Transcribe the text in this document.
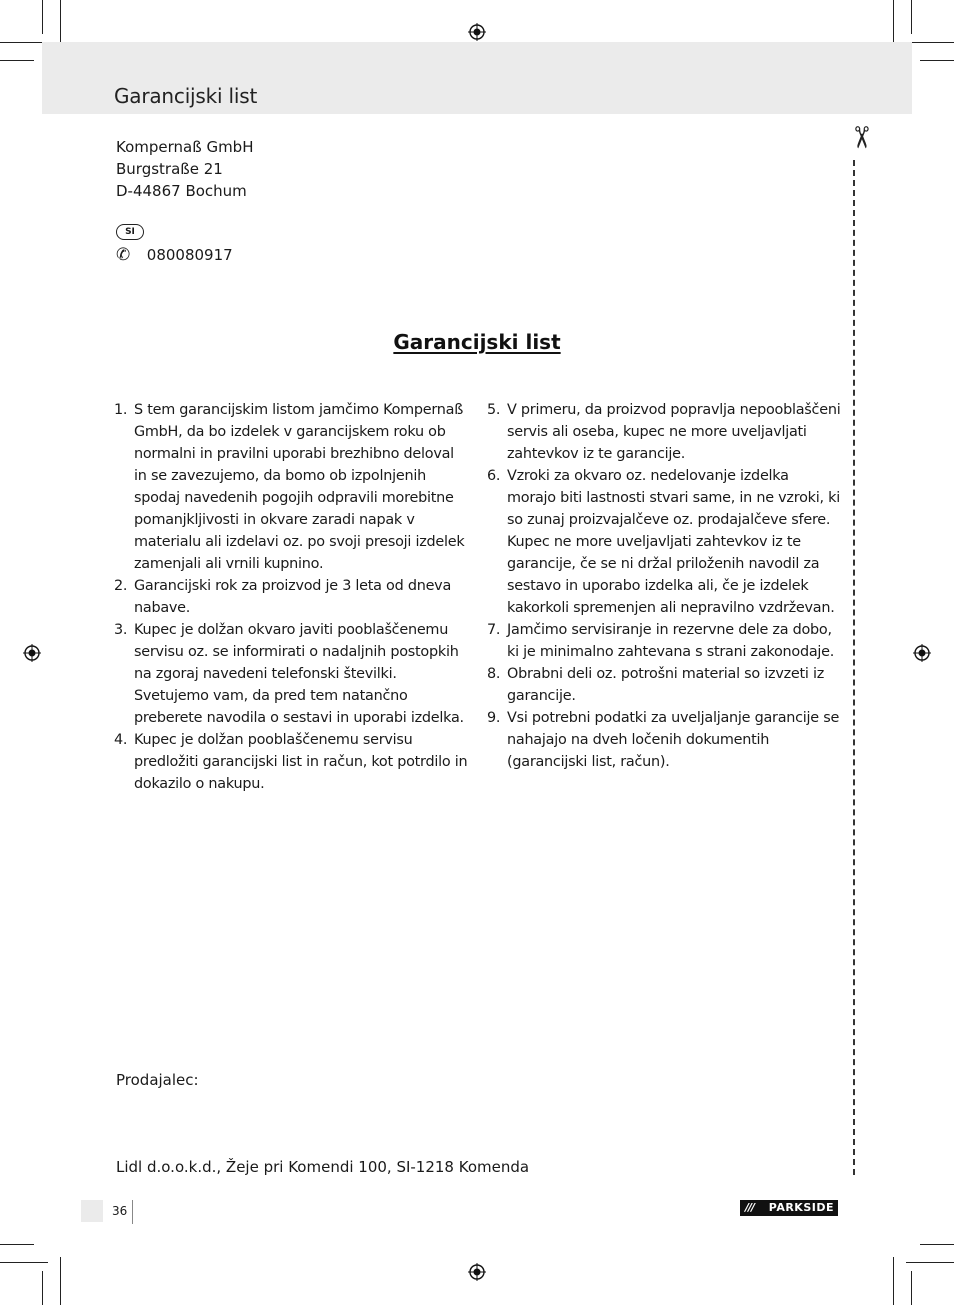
Garancijski list
Kompernaß GmbH
Burgstraße 21
D-44867 Bochum
SI
✆ 080080917
Garancijski list
1. S tem garancijskim listom jamčimo Kompernaß GmbH, da bo izdelek v garancijskem roku ob normalni in pravilni uporabi brezhibno deloval in se zavezujemo, da bomo ob izpolnjenih spodaj navedenih pogojih odpravili morebitne pomanjkljivosti in okvare zaradi napak v materialu ali izdelavi oz. po svoji presoji izdelek zamenjali ali vrnili kupnino.
2. Garancijski rok za proizvod je 3 leta od dneva nabave.
3. Kupec je dolžan okvaro javiti pooblaščenemu servisu oz. se informirati o nadaljnih postopkih na zgoraj navedeni telefonski številki. Svetujemo vam, da pred tem natančno preberete navodila o sestavi in uporabi izdelka.
4. Kupec je dolžan pooblaščenemu servisu predložiti garancijski list in račun, kot potrdilo in dokazilo o nakupu.
5. V primeru, da proizvod popravlja nepooblaščeni servis ali oseba, kupec ne more uveljavljati zahtevkov iz te garancije.
6. Vzroki za okvaro oz. nedelovanje izdelka morajo biti lastnosti stvari same, in ne vzroki, ki so zunaj proizvajalčeve oz. prodajalčeve sfere. Kupec ne more uveljavljati zahtevkov iz te garancije, če se ni držal priloženih navodil za sestavo in uporabo izdelka ali, če je izdelek kakorkoli spremenjen ali nepravilno vzdrževan.
7. Jamčimo servisiranje in rezervne dele za dobo, ki je minimalno zahtevana s strani zakonodaje.
8. Obrabni deli oz. potrošni material so izvzeti iz garancije.
9. Vsi potrebni podatki za uveljaljanje garancije se nahajajo na dveh ločenih dokumentih (garancijski list, račun).
Prodajalec:
Lidl d.o.o.k.d., Žeje pri Komendi 100, SI-1218 Komenda
✂
36	/// PARKSIDE
